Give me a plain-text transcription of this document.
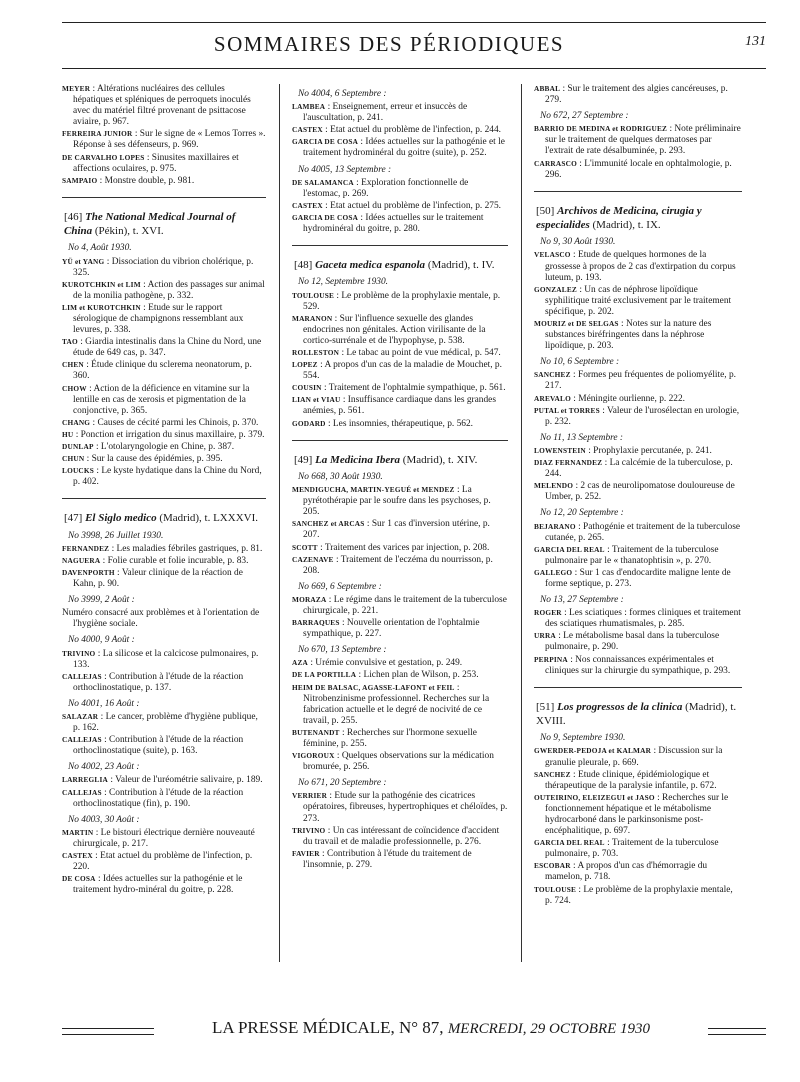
SOMMAIRES DES PÉRIODIQUES	131
MEYER : Altérations nucléaires des cellules hépatiques et spléniques de perroquets inoculés avec du matériel filtré provenant de psittacose aviaire, p. 967.
FERREIRA JUNIOR : Sur le signe de « Lemos Torres ». Réponse à ses défenseurs, p. 969.
DE CARVALHO LOPES : Sinusites maxillaires et affections oculaires, p. 975.
SAMPAIO : Monstre double, p. 981.
[46] The National Medical Journal of China (Pékin), t. XVI.
No 4, Août 1930.
YÜ et YANG : Dissociation du vibrion cholérique, p. 325.
KUROTCHKIN et LIM : Action des passages sur animal de la monilia pathogène, p. 332.
LIM et KUROTCHKIN : Etude sur le rapport sérologique de champignons ressemblant aux levures, p. 338.
TAO : Giardia intestinalis dans la Chine du Nord, une étude de 649 cas, p. 347.
CHEN : Étude clinique du sclerema neonatorum, p. 360.
CHOW : Action de la déficience en vitamine sur la lentille en cas de xerosis et pigmentation de la conjonctive, p. 365.
CHANG : Causes de cécité parmi les Chinois, p. 370.
HU : Ponction et irrigation du sinus maxillaire, p. 379.
DUNLAP : L'otolaryngologie en Chine, p. 387.
CHUN : Sur la cause des épidémies, p. 395.
LOUCKS : Le kyste hydatique dans la Chine du Nord, p. 402.
[47] El Siglo medico (Madrid), t. LXXXVI.
No 3998, 26 Juillet 1930.
FERNANDEZ : Les maladies fébriles gastriques, p. 81.
NAGUERA : Folie curable et folie incurable, p. 83.
DAVENPORTH : Valeur clinique de la réaction de Kahn, p. 90.
No 3999, 2 Août :
Numéro consacré aux problèmes et à l'orientation de l'hygiène sociale.
No 4000, 9 Août :
TRIVINO : La silicose et la calcicose pulmonaires, p. 133.
CALLEJAS : Contribution à l'étude de la réaction orthoclinostatique, p. 137.
No 4001, 16 Août :
SALAZAR : Le cancer, problème d'hygiène publique, p. 162.
CALLEJAS : Contribution à l'étude de la réaction orthoclinostatique (suite), p. 163.
No 4002, 23 Août :
LARREGLIA : Valeur de l'uréométrie salivaire, p. 189.
CALLEJAS : Contribution à l'étude de la réaction orthoclinostatique (fin), p. 190.
No 4003, 30 Août :
MARTIN : Le bistouri électrique dernière nouveauté chirurgicale, p. 217.
CASTEX : Etat actuel du problème de l'infection, p. 220.
DE COSA : Idées actuelles sur la pathogénie et le traitement hydro-minéral du goitre, p. 228.
No 4004, 6 Septembre :
LAMBEA : Enseignement, erreur et insuccès de l'auscultation, p. 241.
CASTEX : Etat actuel du problème de l'infection, p. 244.
GARCIA DE COSA : Idées actuelles sur la pathogénie et le traitement hydrominéral du goitre (suite), p. 252.
No 4005, 13 Septembre :
DE SALAMANCA : Exploration fonctionnelle de l'estomac, p. 269.
CASTEX : Etat actuel du problème de l'infection, p. 275.
GARCIA DE COSA : Idées actuelles sur le traitement hydrominéral du goitre, p. 280.
[48] Gaceta medica espanola (Madrid), t. IV.
No 12, Septembre 1930.
TOULOUSE : Le problème de la prophylaxie mentale, p. 529.
MARANON : Sur l'influence sexuelle des glandes endocrines non génitales. Action virilisante de la cortico-surrénale et de l'hypophyse, p. 538.
ROLLESTON : Le tabac au point de vue médical, p. 547.
LOPEZ : A propos d'un cas de la maladie de Mouchet, p. 554.
COUSIN : Traitement de l'ophtalmie sympathique, p. 561.
LIAN et VIAU : Insuffisance cardiaque dans les grandes anémies, p. 561.
GODARD : Les insomnies, thérapeutique, p. 562.
[49] La Medicina Ibera (Madrid), t. XIV.
No 668, 30 Août 1930.
MENDIGUCHA, MARTIN-YEGUÉ et MENDEZ : La pyrétothérapie par le soufre dans les psychoses, p. 205.
SANCHEZ et ARCAS : Sur 1 cas d'inversion utérine, p. 207.
SCOTT : Traitement des varices par injection, p. 208.
CAZENAVE : Traitement de l'eczéma du nourrisson, p. 208.
No 669, 6 Septembre :
MORAZA : Le régime dans le traitement de la tuberculose chirurgicale, p. 221.
BARRAQUES : Nouvelle orientation de l'ophtalmie sympathique, p. 227.
No 670, 13 Septembre :
AZA : Urémie convulsive et gestation, p. 249.
DE LA PORTILLA : Lichen plan de Wilson, p. 253.
HEIM DE BALSAC, AGASSE-LAFONT et FEIL : Nitrobenzinisme professionnel. Recherches sur la fabrication actuelle et le degré de nocivité de ce travail, p. 255.
BUTENANDT : Recherches sur l'hormone sexuelle féminine, p. 255.
VIGOROUX : Quelques observations sur la médication bromurée, p. 256.
No 671, 20 Septembre :
VERRIER : Etude sur la pathogénie des cicatrices opératoires, fibreuses, hypertrophiques et chéloïdes, p. 273.
TRIVINO : Un cas intéressant de coïncidence d'accident du travail et de maladie professionnelle, p. 276.
FAVIER : Contribution à l'étude du traitement de l'insomnie, p. 279.
ABBAL : Sur le traitement des algies cancéreuses, p. 279.
No 672, 27 Septembre :
BARRIO DE MEDINA et RODRIGUEZ : Note préliminaire sur le traitement de quelques dermatoses par l'extrait de rate désalbuminée, p. 293.
CARRASCO : L'immunité locale en ophtalmologie, p. 296.
[50] Archivos de Medicina, cirugia y especialides (Madrid), t. IX.
No 9, 30 Août 1930.
VELASCO : Etude de quelques hormones de la grossesse à propos de 2 cas d'extirpation du corpus luteum, p. 193.
GONZALEZ : Un cas de néphrose lipoïdique syphilitique traité exclusivement par le traitement spécifique, p. 202.
MOURIZ et DE SELGAS : Notes sur la nature des substances biréfringentes dans la néphrose lipoïdique, p. 203.
No 10, 6 Septembre :
SANCHEZ : Formes peu fréquentes de poliomyélite, p. 217.
AREVALO : Méningite ourlienne, p. 222.
PUTAL et TORRES : Valeur de l'urosélectan en urologie, p. 232.
No 11, 13 Septembre :
LOWENSTEIN : Prophylaxie percutanée, p. 241.
DIAZ FERNANDEZ : La calcémie de la tuberculose, p. 244.
MELENDO : 2 cas de neurolipomatose douloureuse de Umber, p. 252.
No 12, 20 Septembre :
BEJARANO : Pathogénie et traitement de la tuberculose cutanée, p. 265.
GARCIA DEL REAL : Traitement de la tuberculose pulmonaire par le « thanatophtisin », p. 270.
GALLEGO : Sur 1 cas d'endocardite maligne lente de forme septique, p. 273.
No 13, 27 Septembre :
ROGER : Les sciatiques : formes cliniques et traitement des sciatiques rhumatismales, p. 285.
URRA : Le métabolisme basal dans la tuberculose pulmonaire, p. 290.
PERPINA : Nos connaissances expérimentales et cliniques sur la chirurgie du sympathique, p. 293.
[51] Los progressos de la clinica (Madrid), t. XVIII.
No 9, Septembre 1930.
GWERDER-PEDOJA et KALMAR : Discussion sur la granulie pleurale, p. 669.
SANCHEZ : Etude clinique, épidémiologique et thérapeutique de la paralysie infantile, p. 672.
OUTEIRINO, ELEIZEGUI et JASO : Recherches sur le fonctionnement hépatique et le métabolisme hydrocarboné dans le parkinsonisme post-encéphalitique, p. 697.
GARCIA DEL REAL : Traitement de la tuberculose pulmonaire, p. 703.
ESCOBAR : A propos d'un cas d'hémorragie du mamelon, p. 718.
TOULOUSE : Le problème de la prophylaxie mentale, p. 724.
LA PRESSE MÉDICALE, N° 87, MERCREDI, 29 OCTOBRE 1930
